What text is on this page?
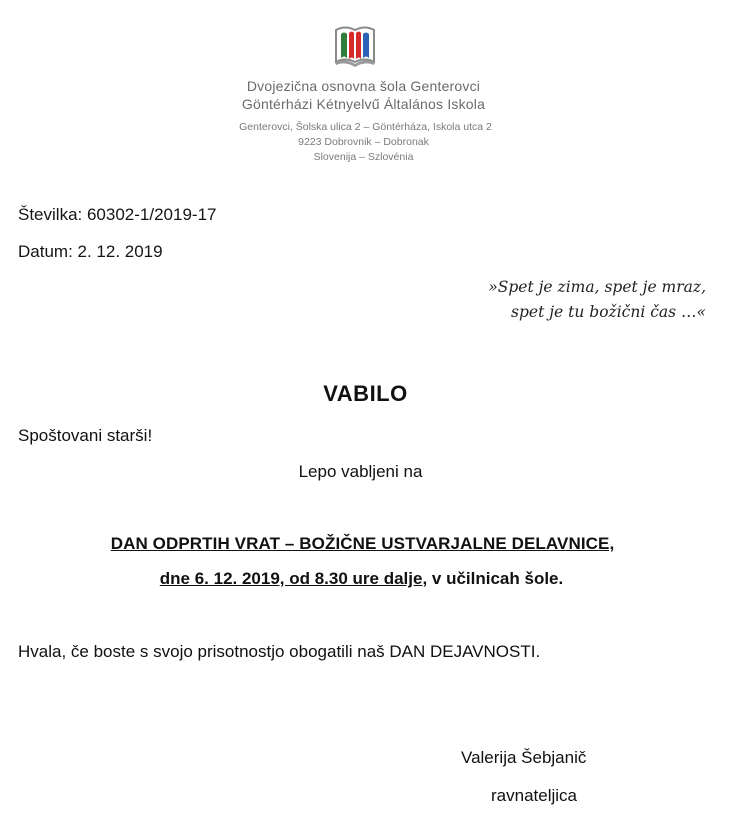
Dvojezična osnovna šola Genterovci
Göntérházi Kétnyelvű Általános Iskola
Genterovci, Šolska ulica 2 – Göntérháza, Iskola utca 2
9223 Dobrovnik – Dobronak
Slovenija – Szlovénia
Številka: 60302-1/2019-17
Datum: 2. 12. 2019
»Spet je zima, spet je mraz,
spet je tu božični čas …«
VABILO
Spoštovani starši!
Lepo vabljeni na
DAN ODPRTIH VRAT – BOŽIČNE USTVARJALNE DELAVNICE,
dne 6. 12. 2019, od 8.30 ure dalje, v učilnicah šole.
Hvala, če boste s svojo prisotnostjo obogatili naš DAN DEJAVNOSTI.
Valerija Šebjanič
ravnateljica
